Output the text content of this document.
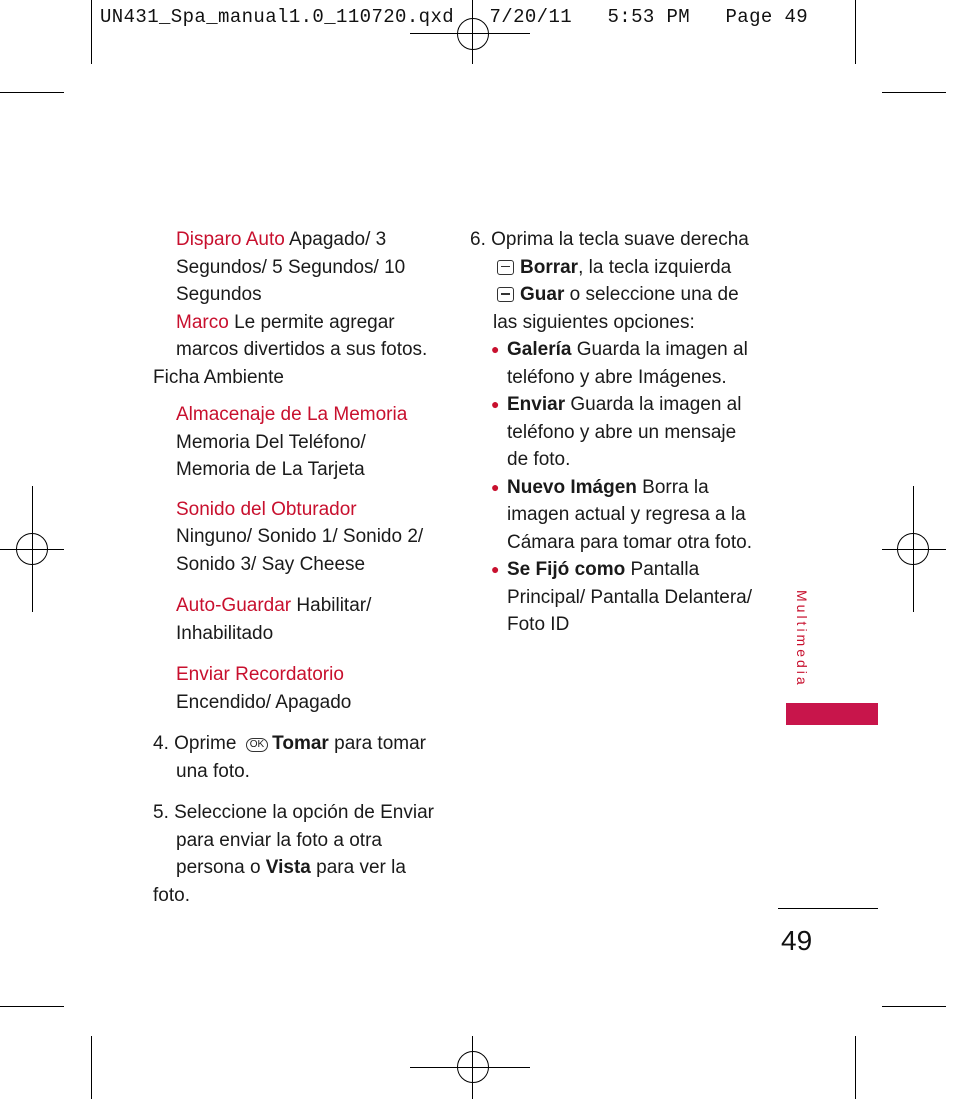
UN431_Spa_manual1.0_110720.qxd   7/20/11   5:53 PM   Page 49

Disparo Auto Apagado/ 3 Segundos/ 5 Segundos/ 10 Segundos

Marco Le permite agregar marcos divertidos a sus fotos.

Ficha Ambiente

Almacenaje de La Memoria
Memoria Del Teléfono/ Memoria de La Tarjeta

Sonido del Obturador
Ninguno/ Sonido 1/ Sonido 2/ Sonido 3/ Say Cheese

Auto-Guardar Habilitar/ Inhabilitado

Enviar Recordatorio
Encendido/ Apagado

4. Oprime OK Tomar para tomar
una foto.

5. Seleccione la opción de Enviar
para enviar la foto a otra
persona o Vista para ver la foto.

6. Oprima la tecla suave derecha
Borrar, la tecla izquierda
Guar o seleccione una de
las siguientes opciones:

● Galería Guarda la imagen al teléfono y abre Imágenes.

● Enviar Guarda la imagen al teléfono y abre un mensaje de foto.

● Nuevo Imágen Borra la imagen actual y regresa a la Cámara para tomar otra foto.

● Se Fijó como Pantalla Principal/ Pantalla Delantera/ Foto ID	Multimedia
49
